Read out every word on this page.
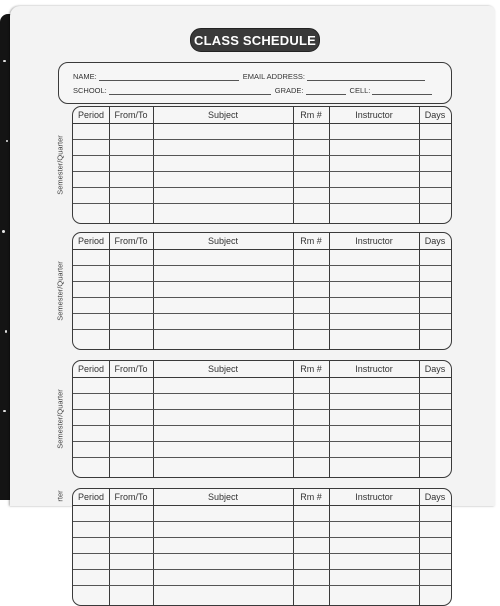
CLASS SCHEDULE
NAME:	EMAIL ADDRESS:
SCHOOL:	GRADE:	CELL:
Semester/Quarter
Period	From/To	Subject	Rm #	Instructor	Days
Semester/Quarter
Period	From/To	Subject	Rm #	Instructor	Days
Semester/Quarter
Period	From/To	Subject	Rm #	Instructor	Days
rter	Period	From/To	Subject	Rm #	Instructor	Days
